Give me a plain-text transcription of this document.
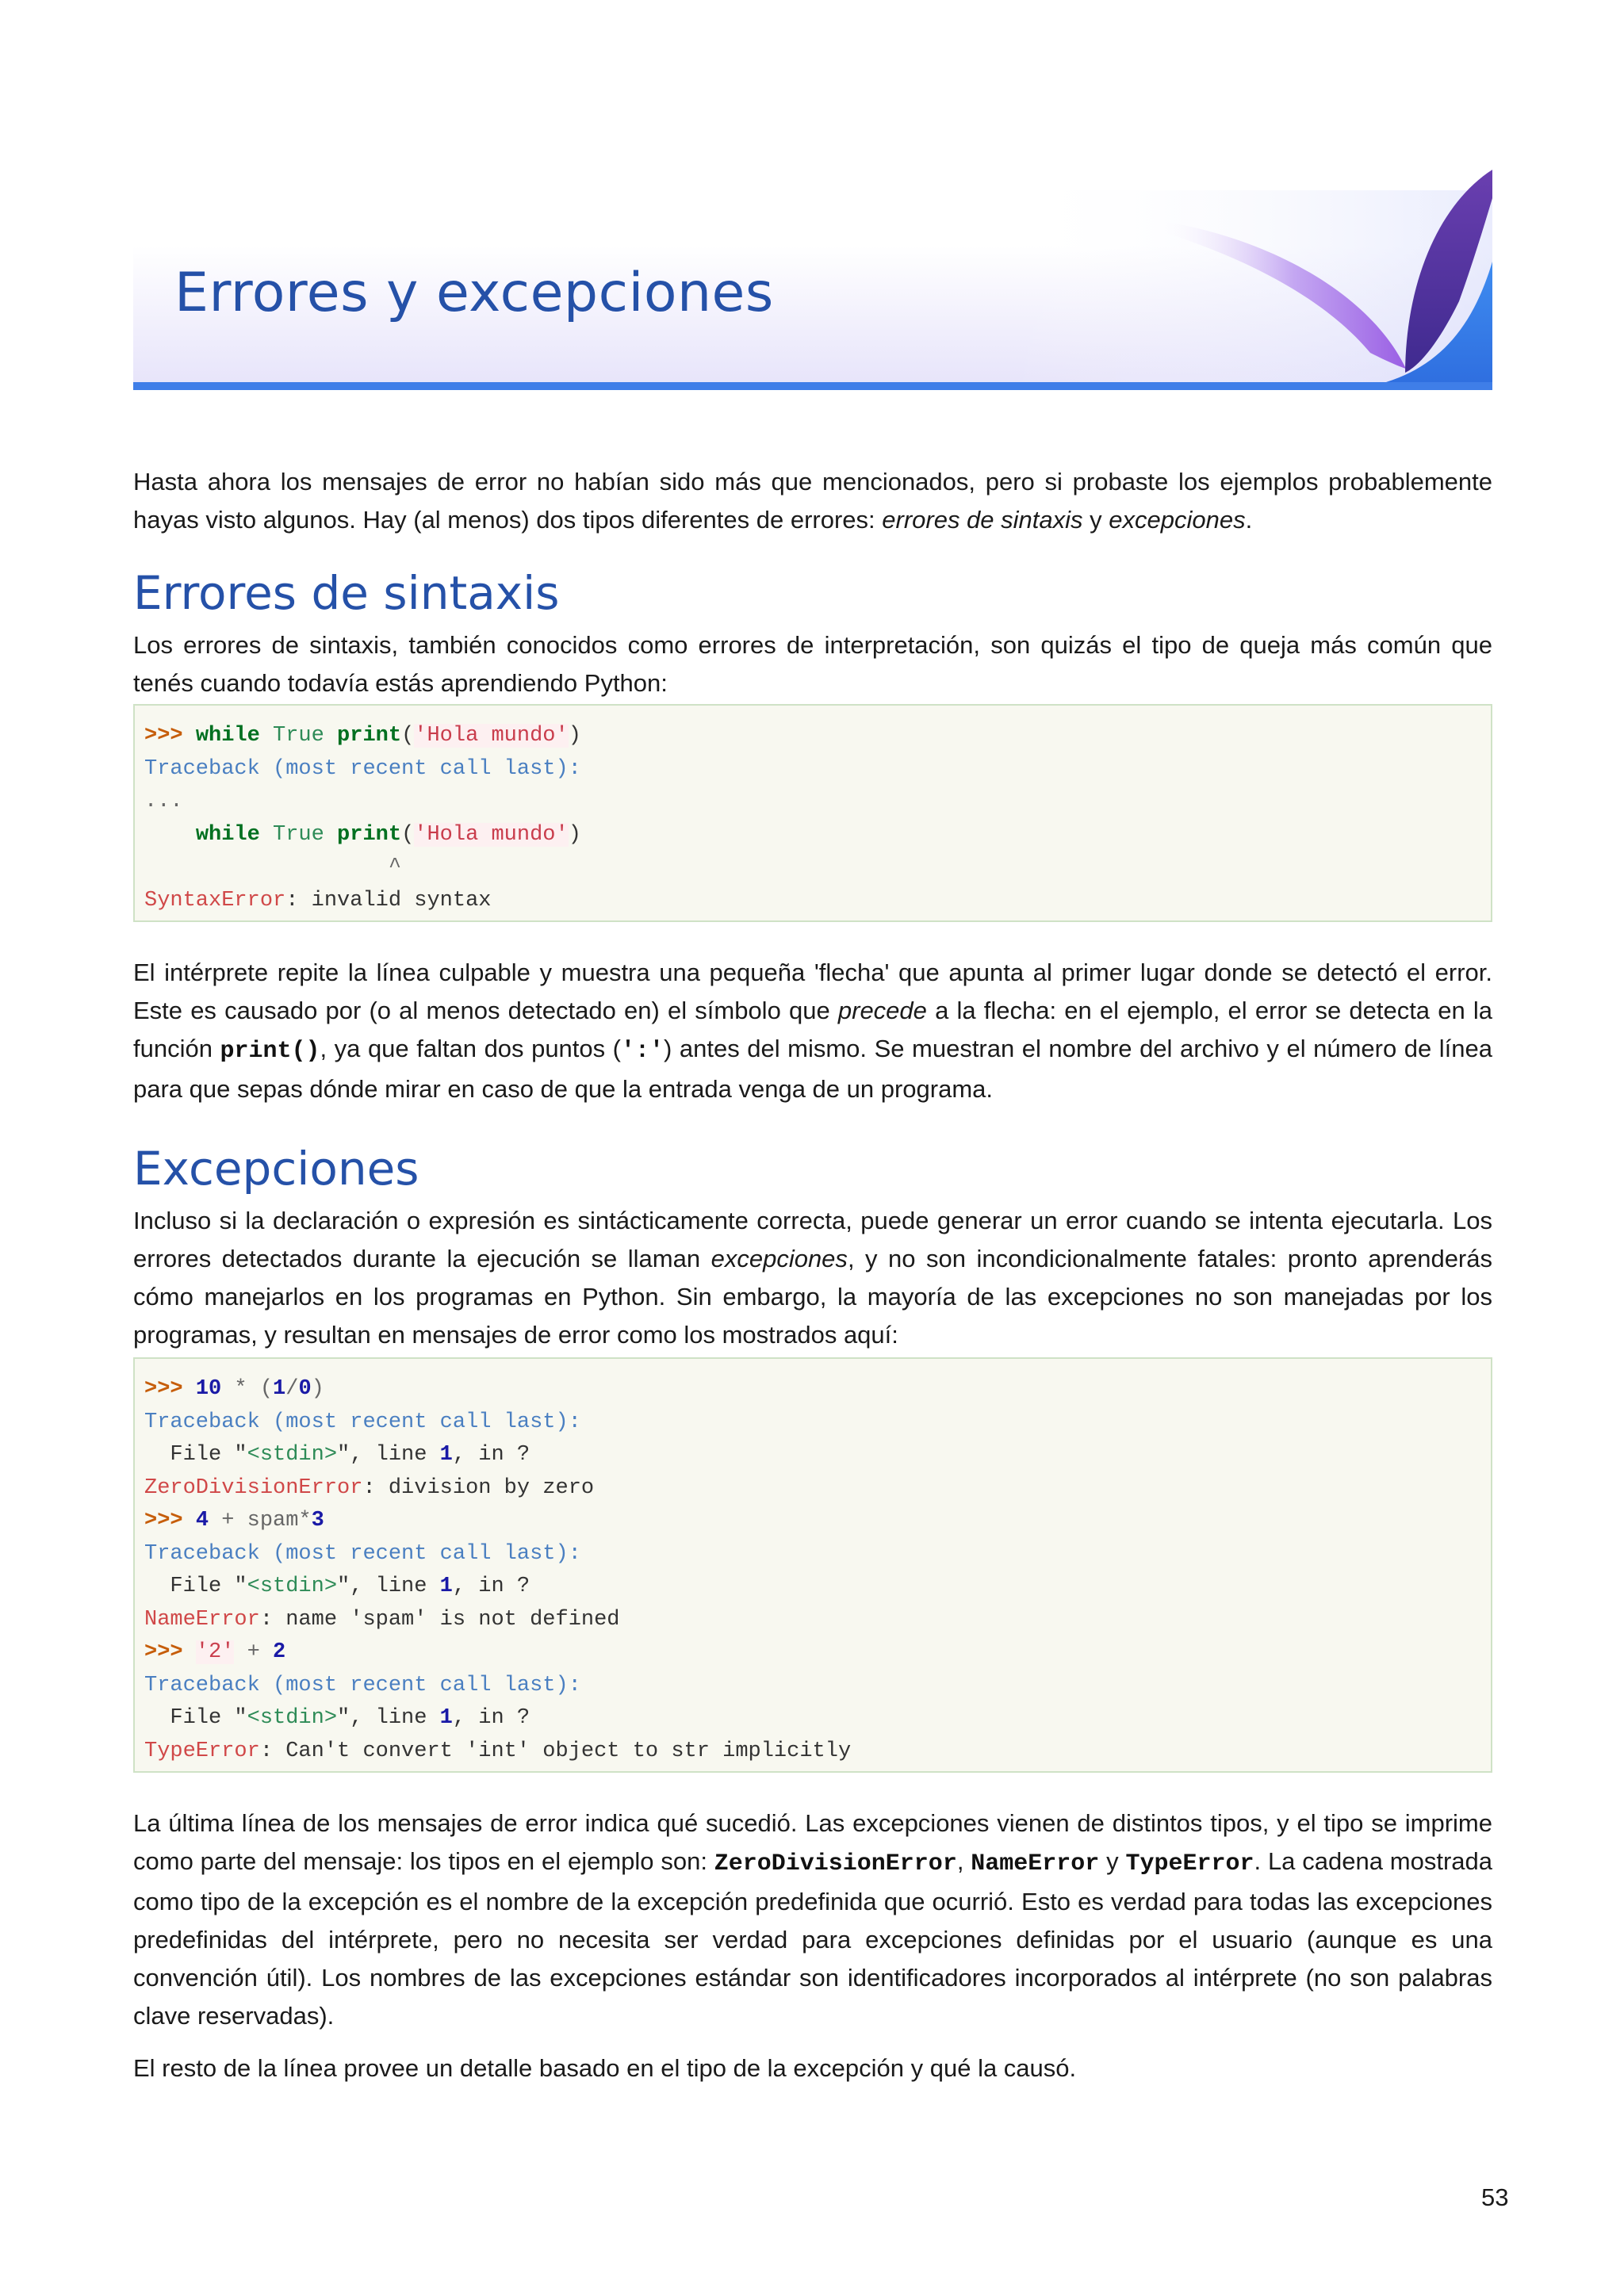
Errores y excepciones

Hasta ahora los mensajes de error no habían sido más que mencionados, pero si probaste los ejemplos probablemente hayas visto algunos. Hay (al menos) dos tipos diferentes de errores: errores de sintaxis y excepciones.

Errores de sintaxis

Los errores de sintaxis, también conocidos como errores de interpretación, son quizás el tipo de queja más común que tenés cuando todavía estás aprendiendo Python:

>>> while True print('Hola mundo')
Traceback (most recent call last):
...
while True print('Hola mundo')
^
SyntaxError: invalid syntax

El intérprete repite la línea culpable y muestra una pequeña 'flecha' que apunta al primer lugar donde se detectó el error. Este es causado por (o al menos detectado en) el símbolo que precede a la flecha: en el ejemplo, el error se detecta en la función print(), ya que faltan dos puntos (':') antes del mismo. Se muestran el nombre del archivo y el número de línea para que sepas dónde mirar en caso de que la entrada venga de un programa.

Excepciones

Incluso si la declaración o expresión es sintácticamente correcta, puede generar un error cuando se intenta ejecutarla. Los errores detectados durante la ejecución se llaman excepciones, y no son incondicionalmente fatales: pronto aprenderás cómo manejarlos en los programas en Python. Sin embargo, la mayoría de las excepciones no son manejadas por los programas, y resultan en mensajes de error como los mostrados aquí:

>>> 10 * (1/0)
Traceback (most recent call last):
File "<stdin>", line 1, in ?
ZeroDivisionError: division by zero
>>> 4 + spam*3
Traceback (most recent call last):
File "<stdin>", line 1, in ?
NameError: name 'spam' is not defined
>>> '2' + 2
Traceback (most recent call last):
File "<stdin>", line 1, in ?
TypeError: Can't convert 'int' object to str implicitly

La última línea de los mensajes de error indica qué sucedió. Las excepciones vienen de distintos tipos, y el tipo se imprime como parte del mensaje: los tipos en el ejemplo son: ZeroDivisionError, NameError y TypeError. La cadena mostrada como tipo de la excepción es el nombre de la excepción predefinida que ocurrió. Esto es verdad para todas las excepciones predefinidas del intérprete, pero no necesita ser verdad para excepciones definidas por el usuario (aunque es una convención útil). Los nombres de las excepciones estándar son identificadores incorporados al intérprete (no son palabras clave reservadas).

El resto de la línea provee un detalle basado en el tipo de la excepción y qué la causó.

53
